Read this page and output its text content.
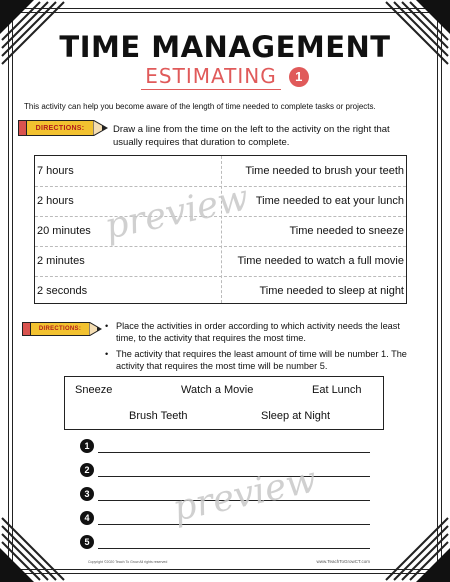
TIME MANAGEMENT
ESTIMATING 1
This activity can help you become aware of the length of time needed to complete tasks or projects.
DIRECTIONS:	Draw a line from the time on the left to the activity on the right that usually requires that duration to complete.
7 hours	Time needed to brush your teeth
2 hours	Time needed to eat your lunch
20 minutes	Time needed to sneeze
2 minutes	Time needed to watch a full movie
2 seconds	Time needed to sleep at night
preview
DIRECTIONS:
•	Place the activities in order according to which activity needs the least time, to the activity that requires the most time.
• The activity that requires the least amount of time will be number 1. The activity that requires the most time will be number 5.
Sneeze	Watch a Movie	Eat Lunch
Brush Teeth	Sleep at Night
1
2
3
4
5
preview
Copyright ©2020 Teach To Grow All rights reserved	www.TeachToGrowCT.com
